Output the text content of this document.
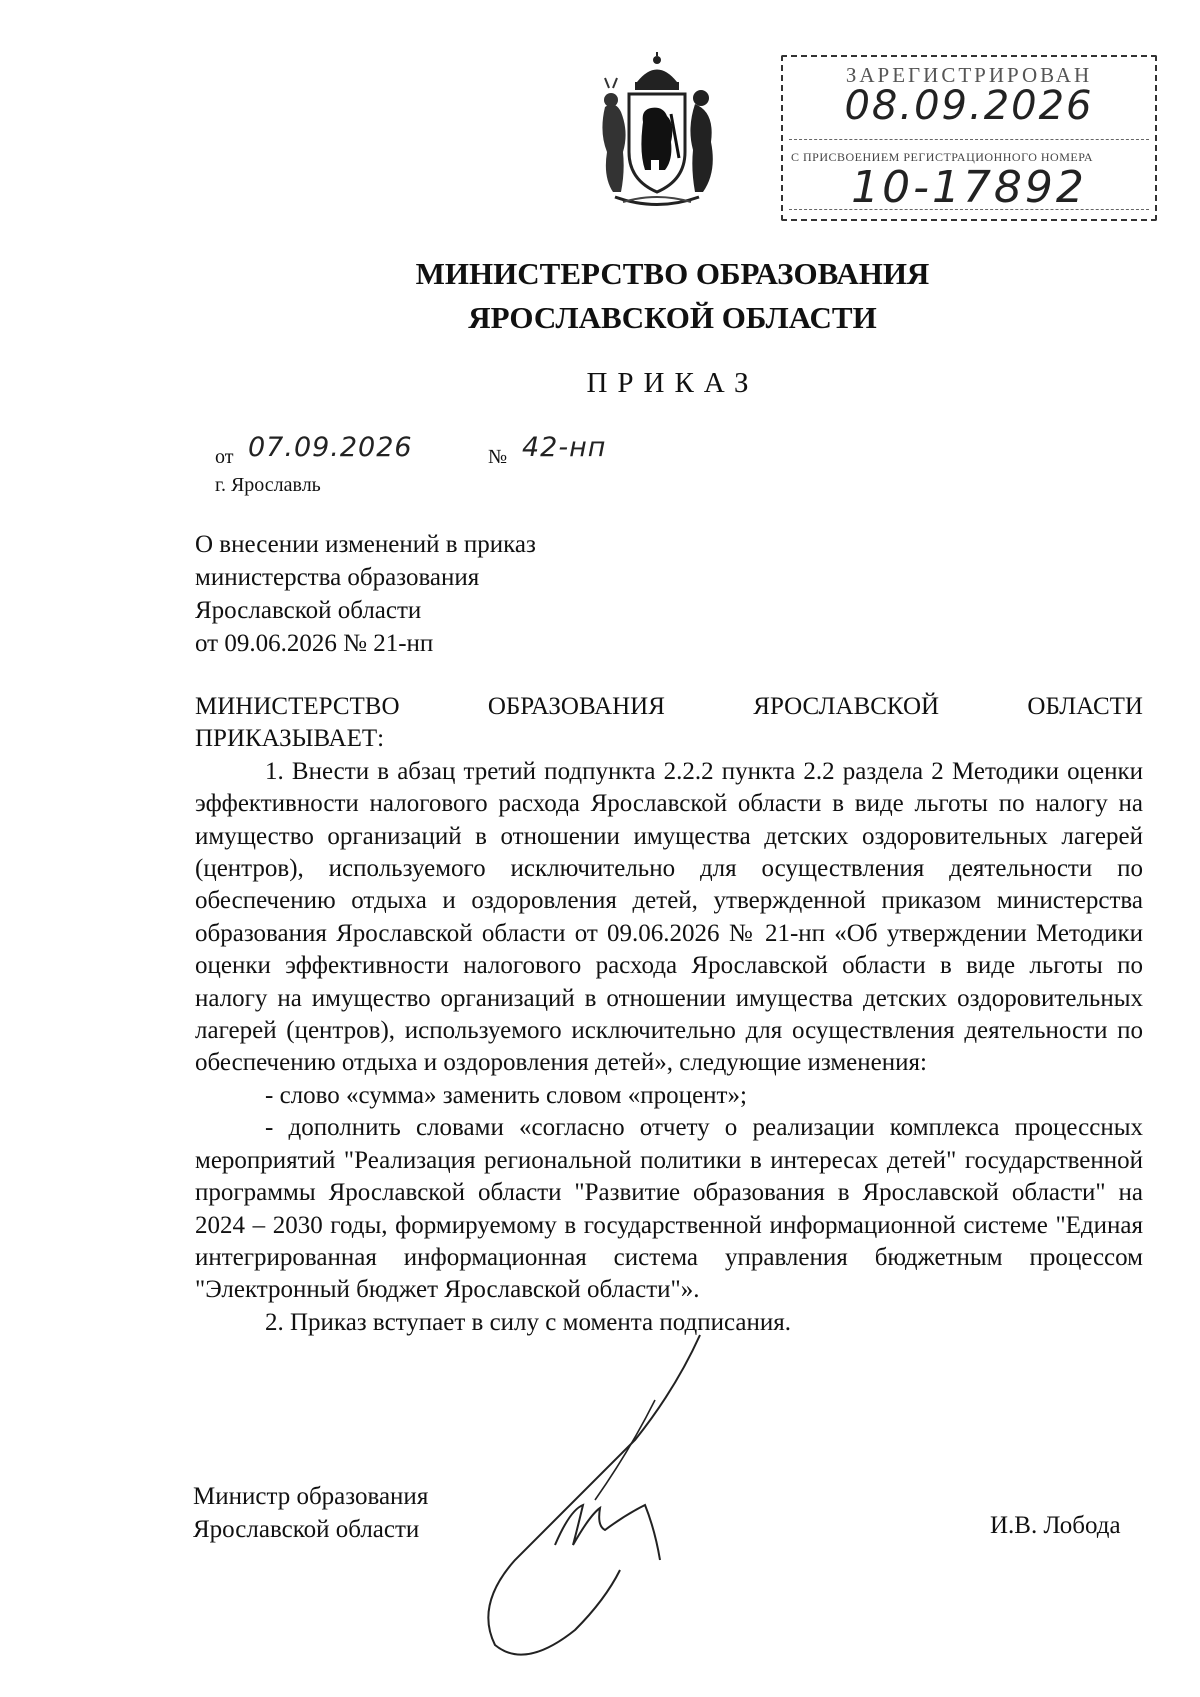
ЗАРЕГИСТРИРОВАН
08.09.2026
С ПРИСВОЕНИЕМ РЕГИСТРАЦИОННОГО НОМЕРА
10-17892
МИНИСТЕРСТВО ОБРАЗОВАНИЯ
ЯРОСЛАВСКОЙ ОБЛАСТИ
ПРИКАЗ
от 07.09.2026	№ 42-нп
г. Ярославль
О внесении изменений в приказ
министерства образования
Ярославской области
от 09.06.2026 № 21-нп

МИНИСТЕРСТВО ОБРАЗОВАНИЯ ЯРОСЛАВСКОЙ ОБЛАСТИ

ПРИКАЗЫВАЕТ:

1. Внести в абзац третий подпункта 2.2.2 пункта 2.2 раздела 2 Методики оценки эффективности налогового расхода Ярославской области в виде льготы по налогу на имущество организаций в отношении имущества детских оздоровительных лагерей (центров), используемого исключительно для осуществления деятельности по обеспечению отдыха и оздоровления детей, утвержденной приказом министерства образования Ярославской области от 09.06.2026 № 21-нп «Об утверждении Методики оценки эффективности налогового расхода Ярославской области в виде льготы по налогу на имущество организаций в отношении имущества детских оздоровительных лагерей (центров), используемого исключительно для осуществления деятельности по обеспечению отдыха и оздоровления детей», следующие изменения:

- слово «сумма» заменить словом «процент»;

- дополнить словами «согласно отчету о реализации комплекса процессных мероприятий "Реализация региональной политики в интересах детей" государственной программы Ярославской области "Развитие образования в Ярославской области" на 2024 – 2030 годы, формируемому в государственной информационной системе "Единая интегрированная информационная система управления бюджетным процессом "Электронный бюджет Ярославской области"».

2. Приказ вступает в силу с момента подписания.

Министр образования
Ярославской области	И.В. Лобода
